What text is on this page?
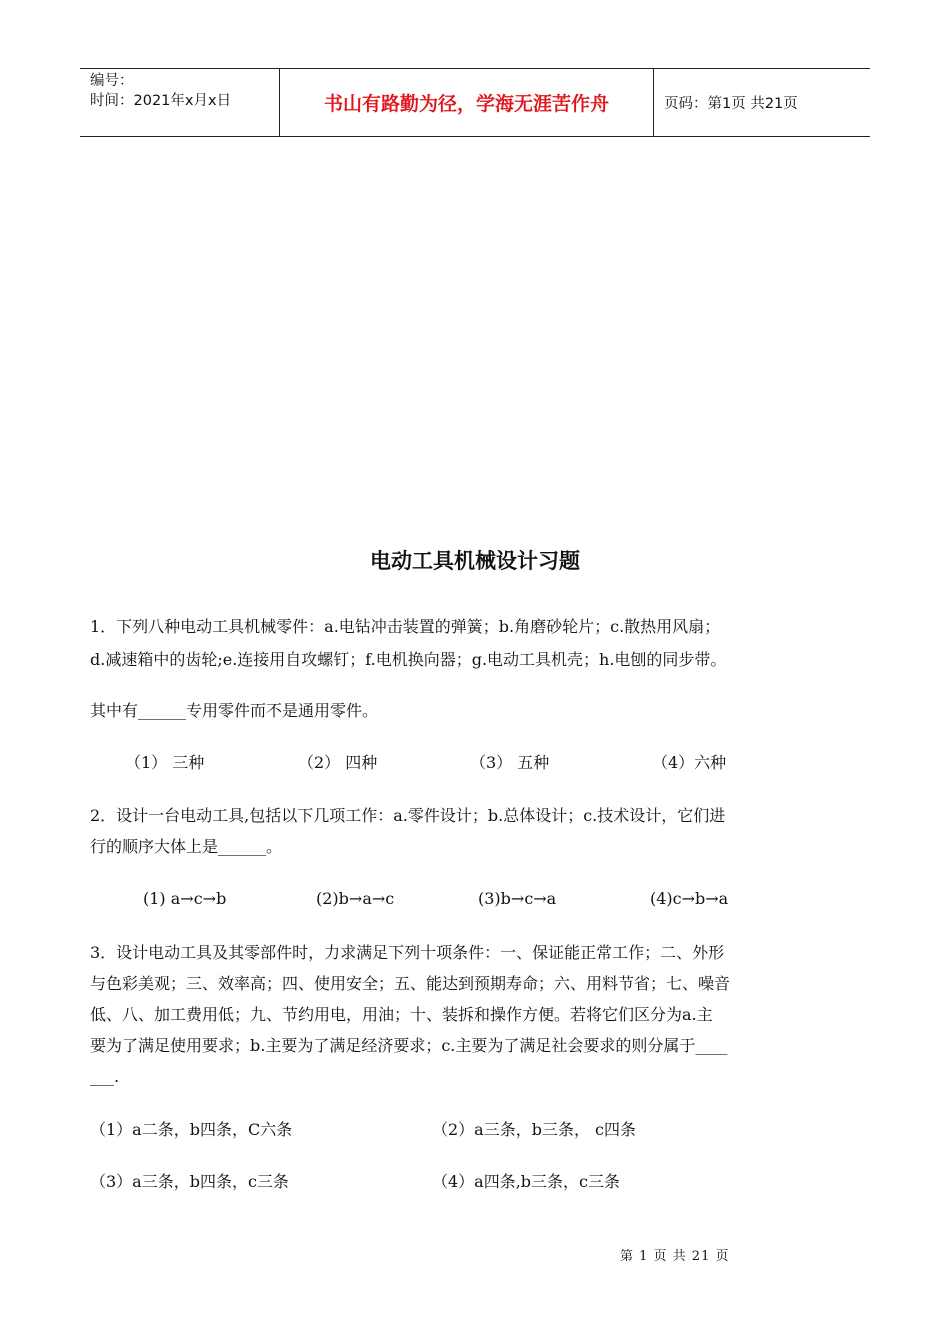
编号：
时间：2021年x月x日	书山有路勤为径，学海无涯苦作舟	页码：第1页 共21页
电动工具机械设计习题
1．下列八种电动工具机械零件：a.电钻冲击装置的弹簧；b.角磨砂轮片；c.散热用风扇；
d.减速箱中的齿轮;e.连接用自攻螺钉；f.电机换向器；g.电动工具机壳；h.电刨的同步带。
其中有______专用零件而不是通用零件。
（1） 三种	（2） 四种	（3） 五种	（4）六种
2．设计一台电动工具,包括以下几项工作：a.零件设计；b.总体设计；c.技术设计，它们进
行的顺序大体上是______。
(1) a→c→b	(2)b→a→c	(3)b→c→a	(4)c→b→a
3．设计电动工具及其零部件时，力求满足下列十项条件：一、保证能正常工作；二、外形
与色彩美观；三、效率高；四、使用安全；五、能达到预期寿命；六、用料节省；七、噪音
低、八、加工费用低；九、节约用电，用油；十、装拆和操作方便。若将它们区分为a.主
要为了满足使用要求；b.主要为了满足经济要求；c.主要为了满足社会要求的则分属于____
___.
（1）a二条，b四条，C六条	（2）a三条，b三条， c四条
（3）a三条，b四条，c三条	（4）a四条,b三条，c三条
第 1 页 共 21 页
